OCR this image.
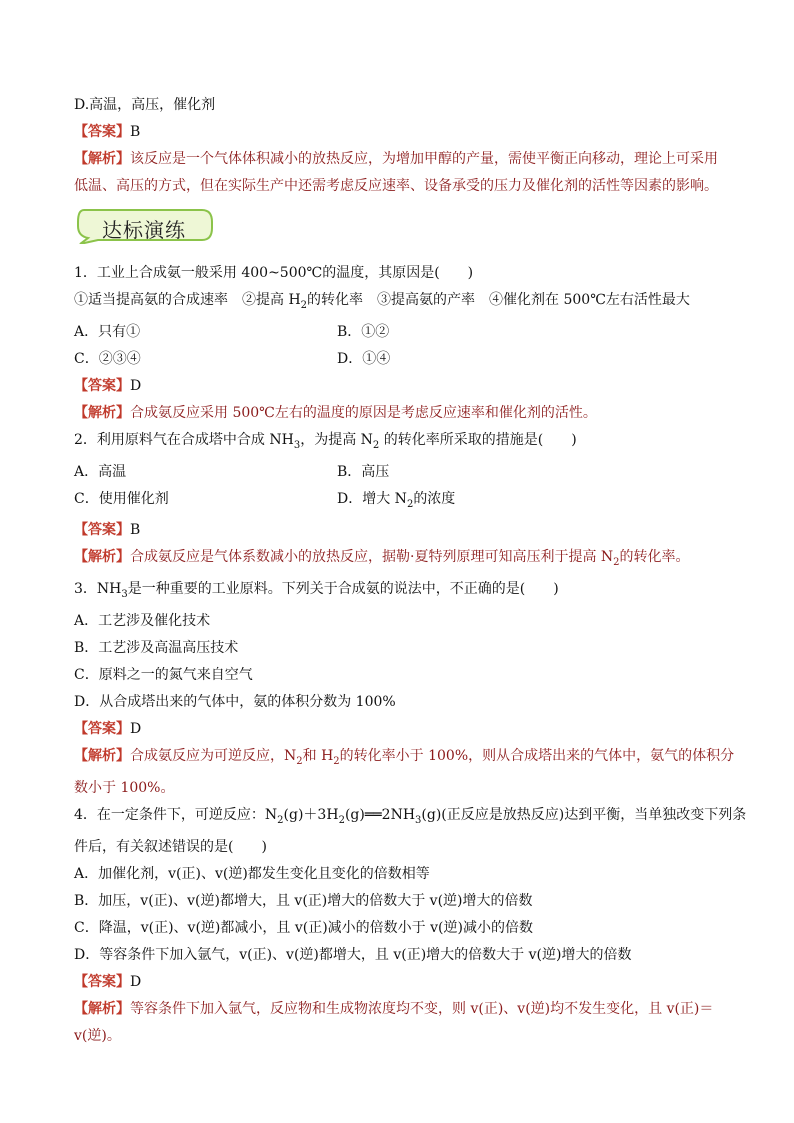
D.高温，高压，催化剂
【答案】B
【解析】该反应是一个气体体积减小的放热反应，为增加甲醇的产量，需使平衡正向移动，理论上可采用
低温、高压的方式，但在实际生产中还需考虑反应速率、设备承受的压力及催化剂的活性等因素的影响。
达标演练
1．工业上合成氨一般采用 400~500℃的温度，其原因是(　　)
①适当提高氨的合成速率　②提高 $H_2$的转化率　③提高氨的产率　④催化剂在 500℃左右活性最大
A．只有①	B．①②
C．②③④	D．①④
【答案】D
【解析】合成氨反应采用 500℃左右的温度的原因是考虑反应速率和催化剂的活性。
2．利用原料气在合成塔中合成 $NH_3$，为提高 $N_2$ 的转化率所采取的措施是(　　)
A．高温	B．高压
C．使用催化剂	D．增大 $N_2$的浓度
【答案】B
【解析】合成氨反应是气体系数减小的放热反应，据勒·夏特列原理可知高压利于提高 $N_2$的转化率。
3．$NH_3$是一种重要的工业原料。下列关于合成氨的说法中，不正确的是(　　)
A．工艺涉及催化技术
B．工艺涉及高温高压技术
C．原料之一的氮气来自空气
D．从合成塔出来的气体中，氨的体积分数为 100%
【答案】D
【解析】合成氨反应为可逆反应，$N_2$和 $H_2$的转化率小于 100%，则从合成塔出来的气体中，氨气的体积分
数小于 100%。
4．在一定条件下，可逆反应：$N_2(g)+3H_2(g)══2NH_3(g)$(正反应是放热反应)达到平衡，当单独改变下列条
件后，有关叙述错误的是(　　)
A．加催化剂，v(正)、v(逆)都发生变化且变化的倍数相等
B．加压，v(正)、v(逆)都增大，且 v(正)增大的倍数大于 v(逆)增大的倍数
C．降温，v(正)、v(逆)都减小，且 v(正)减小的倍数小于 v(逆)减小的倍数
D．等容条件下加入氩气，v(正)、v(逆)都增大，且 v(正)增大的倍数大于 v(逆)增大的倍数
【答案】D
【解析】等容条件下加入氩气，反应物和生成物浓度均不变，则 v(正)、v(逆)均不发生变化，且 v(正)＝
v(逆)。
